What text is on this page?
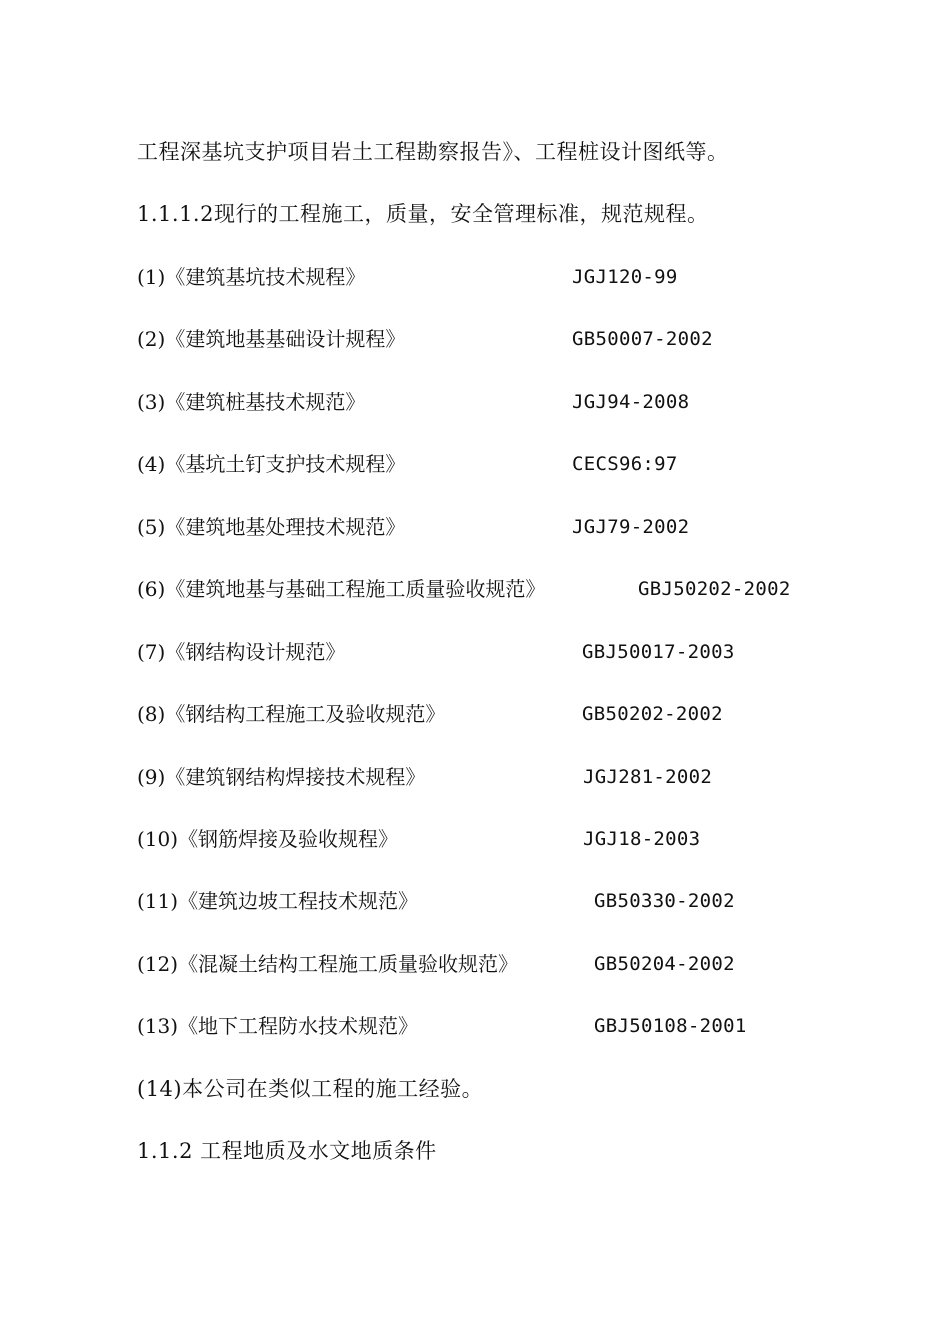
工程深基坑支护项目岩土工程勘察报告》、工程桩设计图纸等。
1.1.1.2现行的工程施工，质量，安全管理标准，规范规程。
(1)《建筑基坑技术规程》	JGJ120-99
(2)《建筑地基基础设计规程》	GB50007-2002
(3)《建筑桩基技术规范》	JGJ94-2008
(4)《基坑土钉支护技术规程》	CECS96:97
(5)《建筑地基处理技术规范》	JGJ79-2002
(6)《建筑地基与基础工程施工质量验收规范》	GBJ50202-2002
(7)《钢结构设计规范》	GBJ50017-2003
(8)《钢结构工程施工及验收规范》	GB50202-2002
(9)《建筑钢结构焊接技术规程》	JGJ281-2002
(10)《钢筋焊接及验收规程》	JGJ18-2003
(11)《建筑边坡工程技术规范》	GB50330-2002
(12)《混凝土结构工程施工质量验收规范》	GB50204-2002
(13)《地下工程防水技术规范》	GBJ50108-2001
(14)本公司在类似工程的施工经验。
1.1.2 工程地质及水文地质条件
